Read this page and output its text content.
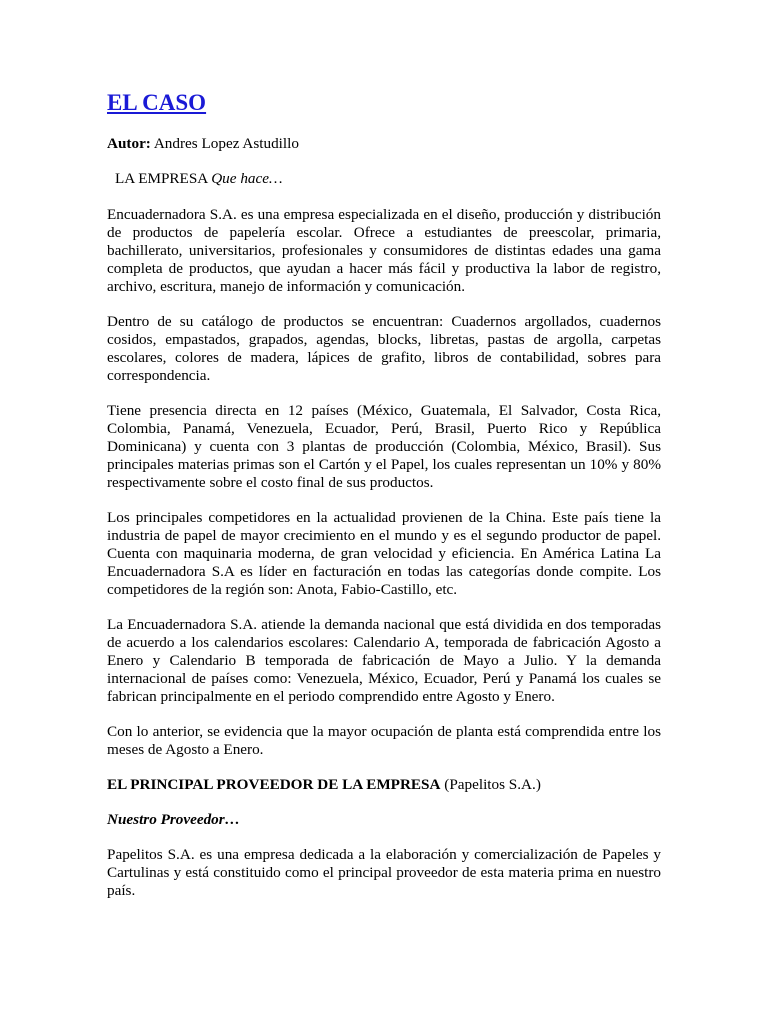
EL CASO
Autor: Andres Lopez Astudillo
LA EMPRESA Que hace…

Encuadernadora S.A. es una empresa especializada en el diseño, producción y distribución de productos de papelería escolar. Ofrece a estudiantes de preescolar, primaria, bachillerato, universitarios, profesionales y consumidores de distintas edades una gama completa de productos, que ayudan a hacer más fácil y productiva la labor de registro, archivo, escritura, manejo de información y comunicación.

Dentro de su catálogo de productos se encuentran: Cuadernos argollados, cuadernos cosidos, empastados, grapados, agendas, blocks, libretas, pastas de argolla, carpetas escolares, colores de madera, lápices de grafito, libros de contabilidad, sobres para correspondencia.

Tiene presencia directa en 12 países (México, Guatemala, El Salvador, Costa Rica, Colombia, Panamá, Venezuela, Ecuador, Perú, Brasil, Puerto Rico y República Dominicana) y cuenta con 3 plantas de producción (Colombia, México, Brasil). Sus principales materias primas son el Cartón y el Papel, los cuales representan un 10% y 80% respectivamente sobre el costo final de sus productos.

Los principales competidores en la actualidad provienen de la China. Este país tiene la industria de papel de mayor crecimiento en el mundo y es el segundo productor de papel. Cuenta con maquinaria moderna, de gran velocidad y eficiencia. En América Latina La Encuadernadora S.A es líder en facturación en todas las categorías donde compite. Los competidores de la región son: Anota, Fabio-Castillo, etc.

La Encuadernadora S.A. atiende la demanda nacional que está dividida en dos temporadas de acuerdo a los calendarios escolares: Calendario A, temporada de fabricación Agosto a Enero y Calendario B temporada de fabricación de Mayo a Julio. Y la demanda internacional de países como: Venezuela, México, Ecuador, Perú y Panamá los cuales se fabrican principalmente en el periodo comprendido entre Agosto y Enero.

Con lo anterior, se evidencia que la mayor ocupación de planta está comprendida entre los meses de Agosto a Enero.

EL PRINCIPAL PROVEEDOR DE LA EMPRESA (Papelitos S.A.)
Nuestro Proveedor…

Papelitos S.A. es una empresa dedicada a la elaboración y comercialización de Papeles y Cartulinas y está constituido como el principal proveedor de esta materia prima en nuestro país.
